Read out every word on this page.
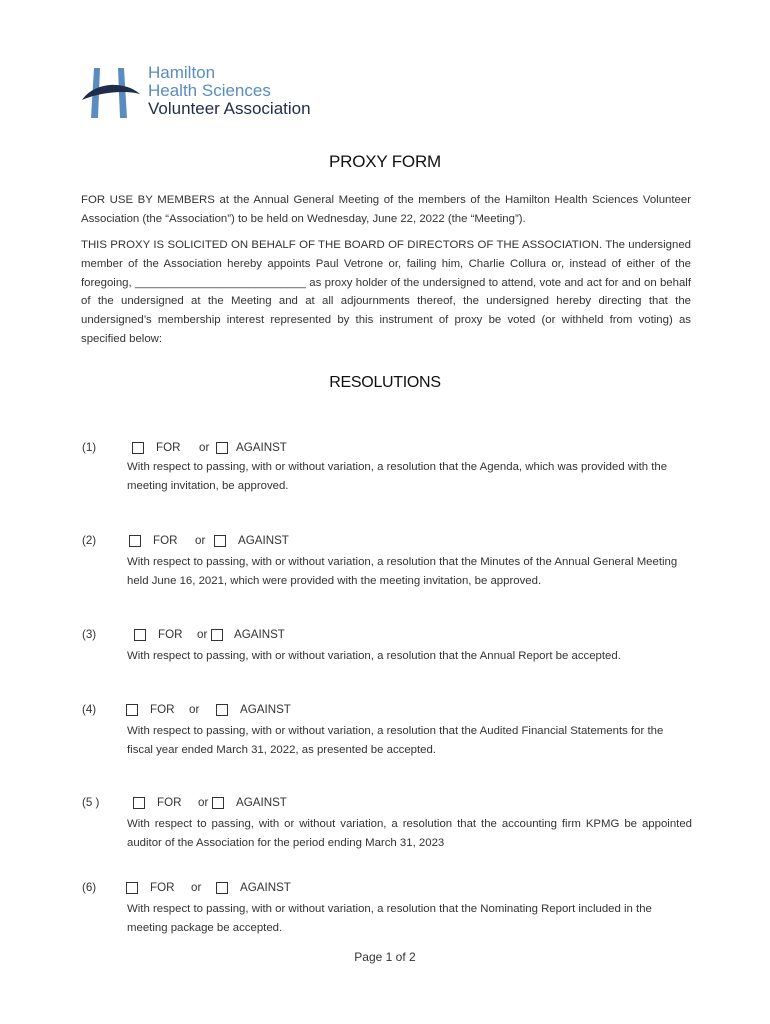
Hamilton
Health Sciences
Volunteer Association
PROXY FORM
FOR USE BY MEMBERS at the Annual General Meeting of the members of the Hamilton Health Sciences Volunteer Association (the “Association”) to be held on Wednesday, June 22, 2022 (the “Meeting”).
THIS PROXY IS SOLICITED ON BEHALF OF THE BOARD OF DIRECTORS OF THE ASSOCIATION. The undersigned member of the Association hereby appoints Paul Vetrone or, failing him, Charlie Collura or, instead of either of the foregoing, ___________________________ as proxy holder of the undersigned to attend, vote and act for and on behalf of the undersigned at the Meeting and at all adjournments thereof, the undersigned hereby directing that the undersigned’s membership interest represented by this instrument of proxy be voted (or withheld from voting) as specified below:
RESOLUTIONS
(1)	FOR or AGAINST
With respect to passing, with or without variation, a resolution that the Agenda, which was provided with the meeting invitation, be approved.
(2)	FOR or	AGAINST
With respect to passing, with or without variation, a resolution that the Minutes of the Annual General Meeting held June 16, 2021, which were provided with the meeting invitation, be approved.
(3)	FOR or AGAINST
With respect to passing, with or without variation, a resolution that the Annual Report be accepted.
(4)	FOR or	AGAINST
With respect to passing, with or without variation, a resolution that the Audited Financial Statements for the fiscal year ended March 31, 2022, as presented be accepted.
(5 )	FOR or AGAINST
With respect to passing, with or without variation, a resolution that the accounting firm KPMG be appointed auditor of the Association for the period ending March 31, 2023
(6)	FOR or	AGAINST
With respect to passing, with or without variation, a resolution that the Nominating Report included in the meeting package be accepted.
Page 1 of 2
